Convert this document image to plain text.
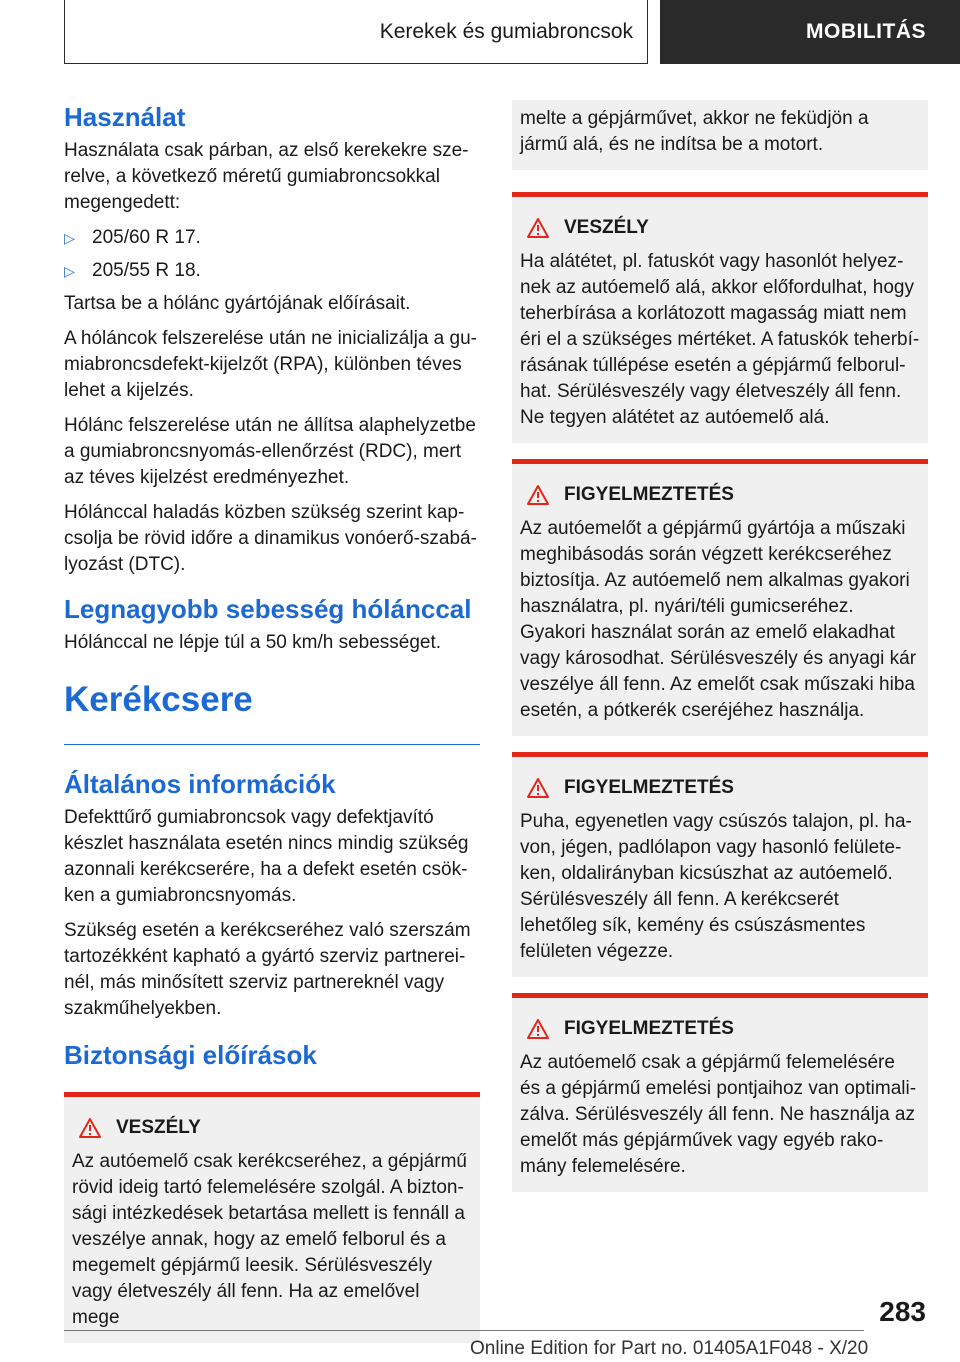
Kerekek és gumiabroncsok	MOBILITÁS
Használat

Használata csak párban, az első kerekekre szerelve, a következő méretű gumiabroncsokkal megengedett:

▷ 205/60 R 17.
▷ 205/55 R 18.

Tartsa be a hólánc gyártójának előírásait.

A hóláncok felszerelése után ne inicializálja a gumiabroncsdefekt-kijelzőt (RPA), különben téves lehet a kijelzés.

Hólánc felszerelése után ne állítsa alaphelyzetbe a gumiabroncsnyomás-ellenőrzést (RDC), mert az téves kijelzést eredményezhet.

Hólánccal haladás közben szükség szerint kapcsolja be rövid időre a dinamikus vonóerő-szabályozást (DTC).

Legnagyobb sebesség hólánccal

Hólánccal ne lépje túl a 50 km/h sebességet.

Kerékcsere
Általános információk

Defekttűrő gumiabroncsok vagy defektjavító készlet használata esetén nincs mindig szükség azonnali kerékcserére, ha a defekt esetén csökken a gumiabroncsnyomás.

Szükség esetén a kerékcseréhez való szerszám tartozékként kapható a gyártó szerviz partnereinél, más minősített szerviz partnereknél vagy szakműhelyekben.

Biztonsági előírások
VESZÉLY

Az autóemelő csak kerékcseréhez, a gépjármű rövid ideig tartó felemelésére szolgál. A biztonsági intézkedések betartása mellett is fennáll a veszélye annak, hogy az emelő felborul és a megemelt gépjármű leesik. Sérülésveszély vagy életveszély áll fenn. Ha az emelővel mege

melte a gépjárművet, akkor ne feküdjön a jármű alá, és ne indítsa be a motort.

VESZÉLY

Ha alátétet, pl. fatuskót vagy hasonlót helyeznek az autóemelő alá, akkor előfordulhat, hogy teherbírása a korlátozott magasság miatt nem éri el a szükséges mértéket. A fatuskók teherbírásának túllépése esetén a gépjármű felborulhat. Sérülésveszély vagy életveszély áll fenn. Ne tegyen alátétet az autóemelő alá.

FIGYELMEZTETÉS

Az autóemelőt a gépjármű gyártója a műszaki meghibásodás során végzett kerékcseréhez biztosítja. Az autóemelő nem alkalmas gyakori használatra, pl. nyári/téli gumicseréhez. Gyakori használat során az emelő elakadhat vagy károsodhat. Sérülésveszély és anyagi kár veszélye áll fenn. Az emelőt csak műszaki hiba esetén, a pótkerék cseréjéhez használja.

FIGYELMEZTETÉS

Puha, egyenetlen vagy csúszós talajon, pl. havon, jégen, padlólapon vagy hasonló felületeken, oldalirányban kicsúszhat az autóemelő. Sérülésveszély áll fenn. A kerékcserét lehetőleg sík, kemény és csúszásmentes felületen végezze.

FIGYELMEZTETÉS

Az autóemelő csak a gépjármű felemelésére és a gépjármű emelési pontjaihoz van optimalizálva. Sérülésveszély áll fenn. Ne használja az emelőt más gépjárművek vagy egyéb rakomány felemelésére.

283
Online Edition for Part no. 01405A1F048 - X/20
